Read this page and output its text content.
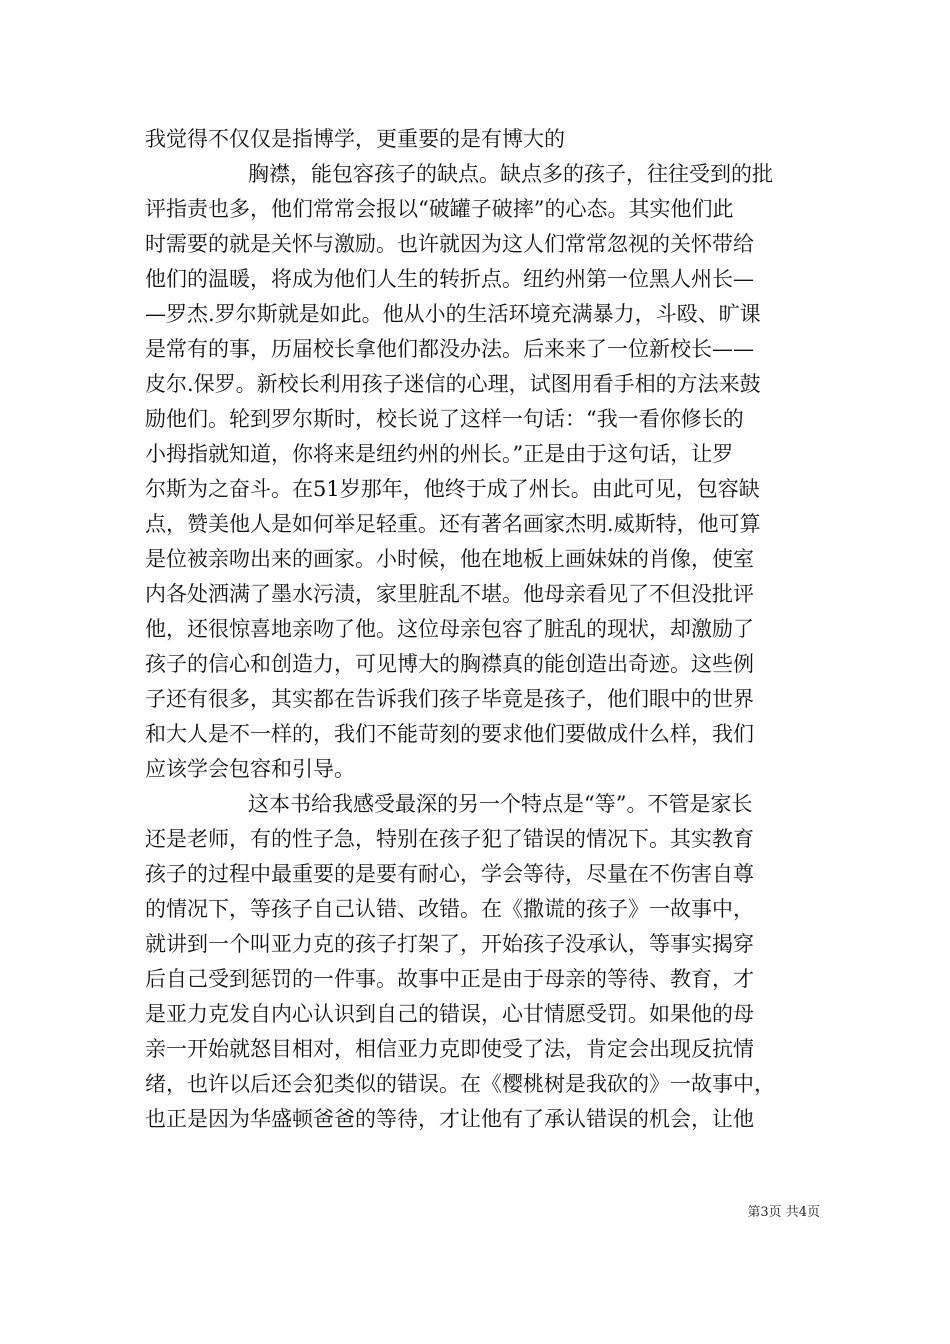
我觉得不仅仅是指博学，更重要的是有博大的
胸襟，能包容孩子的缺点。缺点多的孩子，往往受到的批
评指责也多，他们常常会报以“破罐子破摔”的心态。其实他们此
时需要的就是关怀与激励。也许就因为这人们常常忽视的关怀带给
他们的温暖，将成为他们人生的转折点。纽约州第一位黑人州长—
—罗杰.罗尔斯就是如此。他从小的生活环境充满暴力，斗殴、旷课
是常有的事，历届校长拿他们都没办法。后来来了一位新校长——
皮尔.保罗。新校长利用孩子迷信的心理，试图用看手相的方法来鼓
励他们。轮到罗尔斯时，校长说了这样一句话：“我一看你修长的
小拇指就知道，你将来是纽约州的州长。”正是由于这句话，让罗
尔斯为之奋斗。在51岁那年，他终于成了州长。由此可见，包容缺
点，赞美他人是如何举足轻重。还有著名画家杰明.威斯特，他可算
是位被亲吻出来的画家。小时候，他在地板上画妹妹的肖像，使室
内各处洒满了墨水污渍，家里脏乱不堪。他母亲看见了不但没批评
他，还很惊喜地亲吻了他。这位母亲包容了脏乱的现状，却激励了
孩子的信心和创造力，可见博大的胸襟真的能创造出奇迹。这些例
子还有很多，其实都在告诉我们孩子毕竟是孩子，他们眼中的世界
和大人是不一样的，我们不能苛刻的要求他们要做成什么样，我们
应该学会包容和引导。
这本书给我感受最深的另一个特点是“等”。不管是家长
还是老师，有的性子急，特别在孩子犯了错误的情况下。其实教育
孩子的过程中最重要的是要有耐心，学会等待，尽量在不伤害自尊
的情况下，等孩子自己认错、改错。在《撒谎的孩子》一故事中，
就讲到一个叫亚力克的孩子打架了，开始孩子没承认，等事实揭穿
后自己受到惩罚的一件事。故事中正是由于母亲的等待、教育，才
是亚力克发自内心认识到自己的错误，心甘情愿受罚。如果他的母
亲一开始就怒目相对，相信亚力克即使受了法，肯定会出现反抗情
绪，也许以后还会犯类似的错误。在《樱桃树是我砍的》一故事中，
也正是因为华盛顿爸爸的等待，才让他有了承认错误的机会，让他
第3页 共4页
